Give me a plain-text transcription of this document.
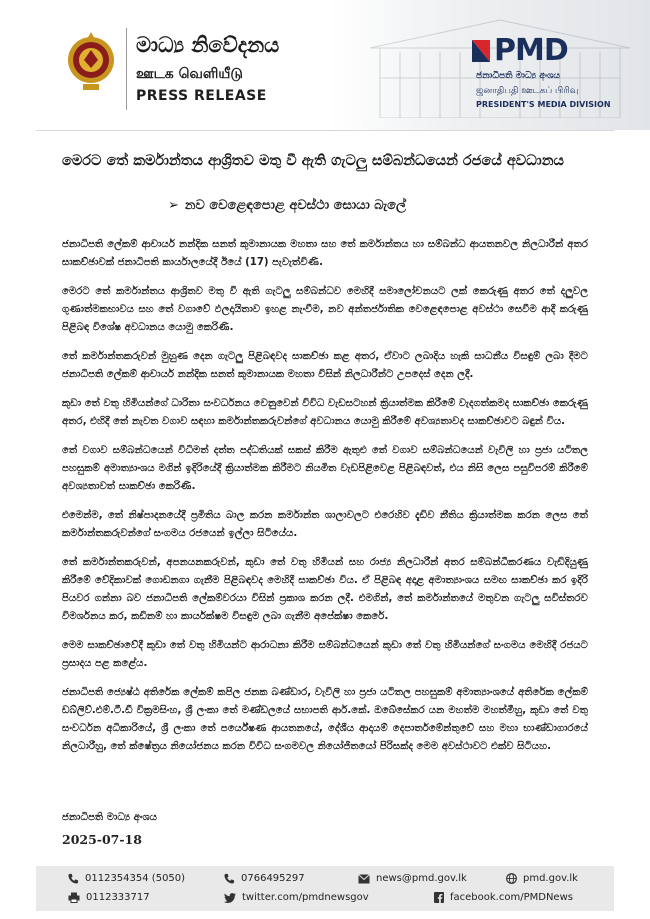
මාධ්‍ය නිවේදනය
ஊடக வெளியீடு
PRESS RELEASE
PMD
ජනාධිපති මාධ්‍ය අංශය
ஜனாதிபதி ஊடகப் பிரிவு
PRESIDENT'S MEDIA DIVISION
මෙරට තේ කර්මාන්තය ආශ්‍රිතව මතු වී ඇති ගැටලු සම්බන්ධයෙන් රජයේ අවධානය
➢ නව වෙළෙඳපොළ අවස්ථා සොයා බැලේ

ජනාධිපති ලේකම් ආචාර්ය නන්දික සනත් කුමානායක මහතා සහ තේ කර්මාන්තය හා සම්බන්ධ ආයතනවල නිලධාරීන් අතර සාකච්ඡාවක් ජනාධිපති කාර්යාලයේදී ඊයේ (17) පැවැත්විණි.

මෙරට තේ කර්මාන්තය ආශ්‍රිතව මතු වී ඇති ගැටලු සම්බන්ධව මෙහිදී සමාලෝචනයට ලක් කෙරුණු අතර තේ දලුවල ගුණාත්මකභාවය සහ තේ වගාවේ ඵලදායිතාව ඉහළ නැංවීම, නව අන්තර්ජාතික වෙළෙඳපොළ අවස්ථා සෙවීම ආදී කරුණු පිළිබඳ විශේෂ අවධානය යොමු කෙරිණි.

තේ කර්මාන්තකරුවන් මුහුණ දෙන ගැටලු පිළිබඳවද සාකච්ඡා කළ අතර, ඒවාට ලබාදිය හැකි සාධනීය විසඳුම් ලබා දීමට ජනාධිපති ලේකම් ආචාර්ය නන්දික සනත් කුමානායක මහතා විසින් නිලධාරීන්ට උපදෙස් දෙන ලදී.

කුඩා තේ වතු හිමියන්ගේ ධාරිතා සංවර්ධනය වෙනුවෙන් විවිධ වැඩසටහන් ක්‍රියාත්මක කිරීමේ වැදගත්කමද සාකච්ඡා කෙරුණු අතර, එහිදී තේ නැවත වගාව සඳහා කර්මාන්තකරුවන්ගේ අවධානය යොමු කිරීමේ අවශ්‍යතාවද සාකච්ඡාවට බඳුන් විය.

තේ වගාව සම්බන්ධයෙන් විධිමත් දත්ත පද්ධතියක් සකස් කිරීම ඇතුළු තේ වගාව සම්බන්ධයෙන් වැවිලි හා ප්‍රජා යටිතල පහසුකම් අමාත්‍යාංශය මගින් ඉදිරියේදී ක්‍රියාත්මක කිරීමට නියමිත වැඩපිළිවෙළ පිළිබඳවත්, එය නිසි ලෙස පසුවිපරම් කිරීමේ අවශ්‍යතාවත් සාකච්ඡා කෙරිණි.

එමෙන්ම, තේ නිෂ්පාදනයේදී ප්‍රමිතිය බාල කරන කර්මාන්ත ශාලාවලට එරෙහිව දැඩිව නීතිය ක්‍රියාත්මක කරන ලෙස තේ කර්මාන්තකරුවන්ගේ සංගමය රජයෙන් ඉල්ලා සිටියේය.

තේ කර්මාන්තකරුවන්, අපනයනකරුවන්, කුඩා තේ වතු හිමියන් සහ රාජ්‍ය නිලධාරීන් අතර සම්බන්ධීකරණය වැඩිදියුණු කිරීමේ වේදිකාවක් ගොඩනගා ගැනීම පිළිබඳවද මෙහිදී සාකච්ඡා විය. ඒ පිළිබඳ අදාළ අමාත්‍යාංශය සමඟ සාකච්ඡා කර ඉදිරි පියවර ගන්නා බව ජනාධිපති ලේකම්වරයා විසින් ප්‍රකාශ කරන ලදී. එමගින්, තේ කර්මාන්තයේ මතුවන ගැටලු සවිස්තරව විමර්ශනය කර, කඩිනම් හා කාර්යක්ෂම විසඳුම ලබා ගැනීම අපේක්ෂා කෙරේ.

මෙම සාකච්ඡාවේදී කුඩා තේ වතු හිමියන්ට ආරාධනා කිරීම සම්බන්ධයෙන් කුඩා තේ වතු හිමියන්ගේ සංගමය මෙහිදී රජයට ප්‍රසාදය පළ කළේය.

ජනාධිපති ජ්‍යෙෂ්ඨ අතිරේක ලේකම් කපිල ජනක බණ්ඩාර, වැවිලි හා ප්‍රජා යටිතල පහසුකම් අමාත්‍යාංශයේ අතිරේක ලේකම් ඩබ්ලිව්.එම්.ටී.ඩී වික්‍රමසිංහ, ශ්‍රී ලංකා තේ මණ්ඩලයේ සභාපති ආර්.කේ. ඔබේසේකර යන මහත්ම මහත්මීහු, කුඩා තේ වතු සංවර්ධන අධිකාරියේ, ශ්‍රී ලංකා තේ පර්යේෂණ ආයතනයේ, දේශීය ආදායම් දෙපාර්තමේන්තුවේ සහ මහා භාණ්ඩාගාරයේ නිලධාරීහු, තේ ක්ෂේත්‍රය නියෝජනය කරන විවිධ සංගමවල නියෝජිතයෝ පිරිසක්ද මෙම අවස්ථාවට එක්ව සිටියහ.

ජනාධිපති මාධ්‍ය අංශය
2025-07-18
0112354354 (5050)	0766495297	news@pmd.gov.lk	pmd.gov.lk
0112333717	twitter.com/pmdnewsgov	facebook.com/PMDNews
